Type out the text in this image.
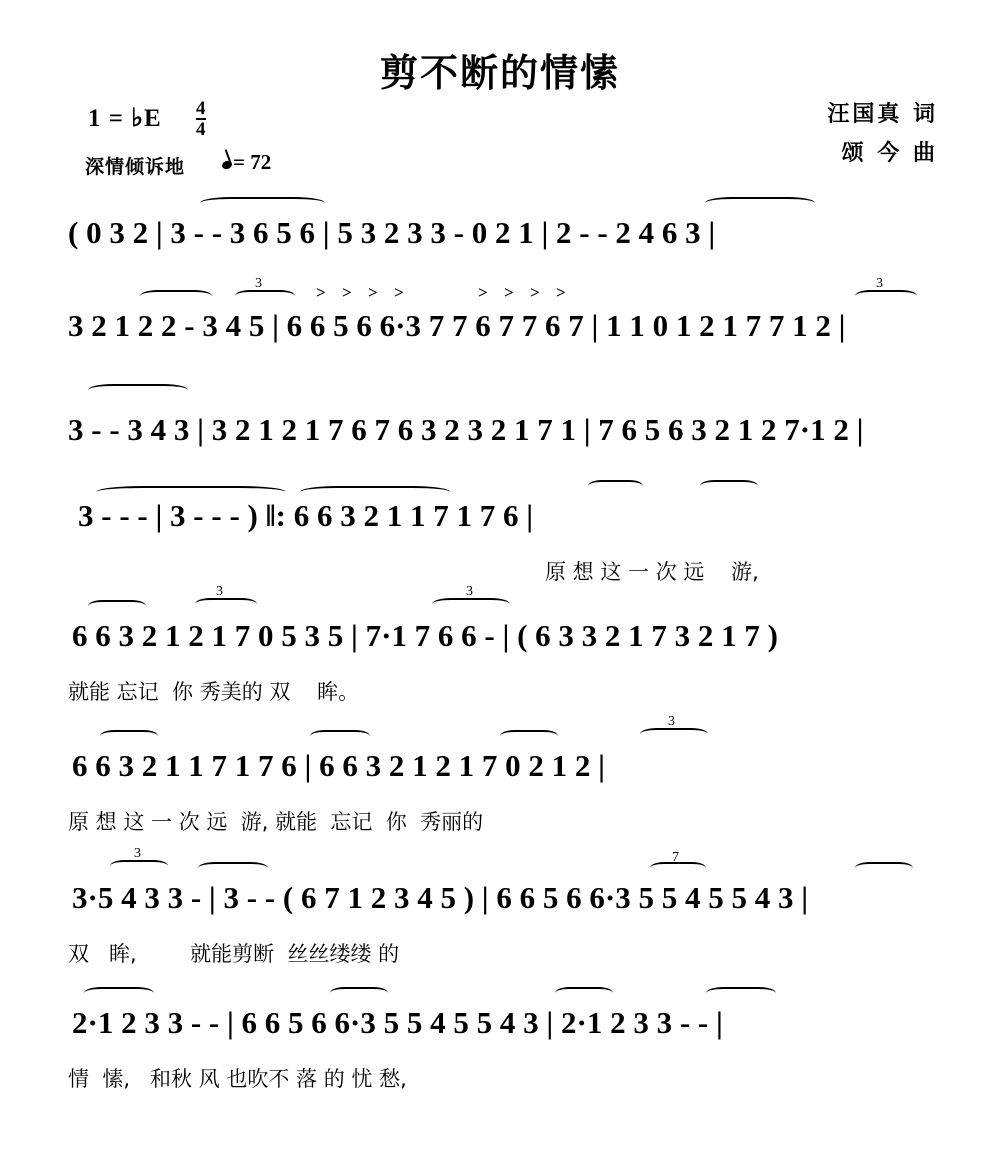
剪不断的情愫
1 = ♭E $\frac{4}{4}$	汪国真 词
颂 今 曲
深情倾诉地	= 72
( 0 3 2 | 3 - - 3 6 5 6 | 5 3 2 3 3 - 0 2 1 | 2 - - 2 4 6 3 |
3 2 1 2 2 - 3 4 5 | 6 6 5 6 6·3 7 7 6 7 7 6 7 | 1 1 0 1 2 1 7 7 1 2 |
3	3
> > > >	> > > >
3 - - 3 4 3 | 3 2 1 2 1 7 6 7 6 3 2 3 2 1 7 1 | 7 6 5 6 3 2 1 2 7·1 2 |
3 - - - | 3 - - - ) ‖: 6 6 3 2 1 1 7 1 7 6 |
原 想 这 一 次 远    游,
6 6 3 2 1 2 1 7 0 5 3 5 | 7·1 7 6 6 - | ( 6 3 3 2 1 7 3 2 1 7 )
3	3
就能 忘记  你 秀美的 双    眸。
6 6 3 2 1 1 7 1 7 6 | 6 6 3 2 1 2 1 7 0 2 1 2 |
3
原 想 这 一 次 远  游, 就能  忘记  你  秀丽的
3·5 4 3 3 - | 3 - - ( 6 7 1 2 3 4 5 ) | 6 6 5 6 6·3 5 5 4 5 5 4 3 |
3	7
双   眸,        就能剪断  丝丝缕缕 的
2·1 2 3 3 - - | 6 6 5 6 6·3 5 5 4 5 5 4 3 | 2·1 2 3 3 - - |
情  愫,   和秋 风 也吹不 落 的 忧 愁,
